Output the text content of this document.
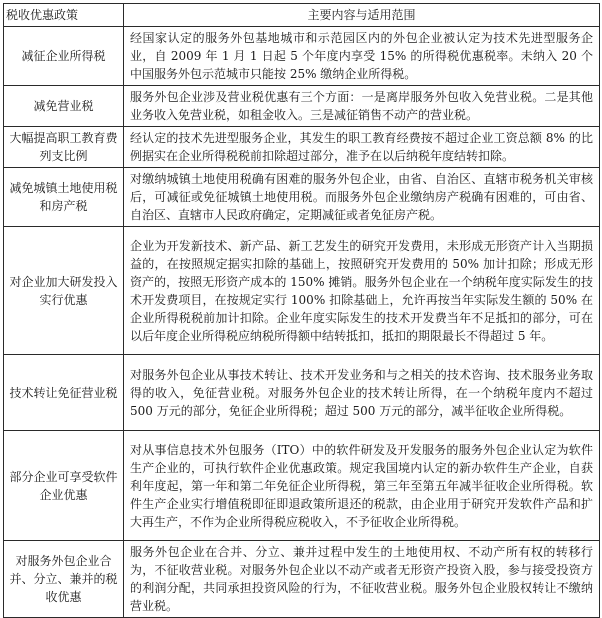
税收优惠政策	主要内容与适用范围
减征企业所得税	经国家认定的服务外包基地城市和示范园区内的外包企业被认定为技术先进型服务企业，自 2009 年 1 月 1 日起 5 个年度内享受 15% 的所得税优惠税率。未纳入 20 个中国服务外包示范城市只能按 25% 缴纳企业所得税。
减免营业税	服务外包企业涉及营业税优惠有三个方面：一是离岸服务外包收入免营业税。二是其他业务收入免营业税，如租金收入。三是减征销售不动产的营业税。
大幅提高职工教育费列支比例	经认定的技术先进型服务企业，其发生的职工教育经费按不超过企业工资总额 8% 的比例据实在企业所得税税前扣除超过部分，准予在以后纳税年度结转扣除。
减免城镇土地使用税和房产税	对缴纳城镇土地使用税确有困难的服务外包企业，由省、自治区、直辖市税务机关审核后，可减征或免征城镇土地使用税。而服务外包企业缴纳房产税确有困难的，可由省、自治区、直辖市人民政府确定，定期减征或者免征房产税。
对企业加大研发投入实行优惠	企业为开发新技术、新产品、新工艺发生的研究开发费用，未形成无形资产计入当期损益的，在按照规定据实扣除的基础上，按照研究开发费用的 50% 加计扣除；形成无形资产的，按照无形资产成本的 150% 摊销。服务外包企业在一个纳税年度实际发生的技术开发费项目，在按规定实行 100% 扣除基础上，允许再按当年实际发生额的 50% 在企业所得税税前加计扣除。企业年度实际发生的技术开发费当年不足抵扣的部分，可在以后年度企业所得税应纳税所得额中结转抵扣，抵扣的期限最长不得超过 5 年。
技术转让免征营业税	对服务外包企业从事技术转让、技术开发业务和与之相关的技术咨询、技术服务业务取得的收入，免征营业税。对服务外包企业的技术转让所得，在一个纳税年度内不超过 500 万元的部分，免征企业所得税；超过 500 万元的部分，减半征收企业所得税。
部分企业可享受软件企业优惠	对从事信息技术外包服务（ITO）中的软件研发及开发服务的服务外包企业认定为软件生产企业的，可执行软件企业优惠政策。规定我国境内认定的新办软件生产企业，自获利年度起，第一年和第二年免征企业所得税，第三年至第五年减半征收企业所得税。软件生产企业实行增值税即征即退政策所退还的税款，由企业用于研究开发软件产品和扩大再生产，不作为企业所得税应税收入，不予征收企业所得税。
对服务外包企业合并、分立、兼并的税收优惠	服务外包企业在合并、分立、兼并过程中发生的土地使用权、不动产所有权的转移行为，不征收营业税。对服务外包企业以不动产或者无形资产投资入股，参与接受投资方的利润分配，共同承担投资风险的行为，不征收营业税。服务外包企业股权转让不缴纳营业税。
